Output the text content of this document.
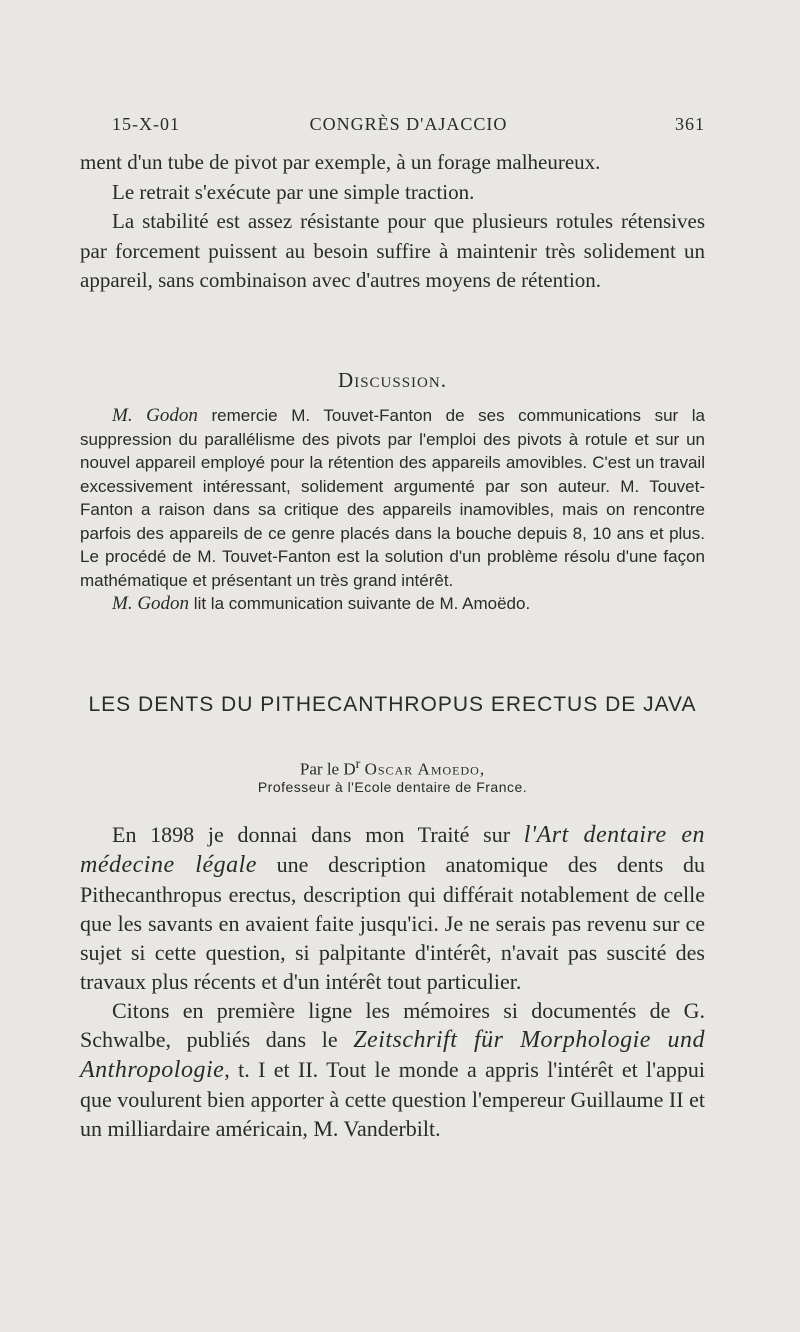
15-X-01	CONGRÈS D'AJACCIO	361

ment d'un tube de pivot par exemple, à un forage malheureux.

Le retrait s'exécute par une simple traction.

La stabilité est assez résistante pour que plusieurs rotules rétensives par forcement puissent au besoin suffire à maintenir très solidement un appareil, sans combinaison avec d'autres moyens de rétention.

Discussion.

M. Godon remercie M. Touvet-Fanton de ses communications sur la suppression du parallélisme des pivots par l'emploi des pivots à rotule et sur un nouvel appareil employé pour la rétention des appareils amovibles. C'est un travail excessivement intéressant, solidement argumenté par son auteur. M. Touvet-Fanton a raison dans sa critique des appareils inamovibles, mais on rencontre parfois des appareils de ce genre placés dans la bouche depuis 8, 10 ans et plus. Le procédé de M. Touvet-Fanton est la solution d'un problème résolu d'une façon mathématique et présentant un très grand intérêt.

M. Godon lit la communication suivante de M. Amoëdo.

LES DENTS DU PITHECANTHROPUS ERECTUS DE JAVA
Par le $D^r$ Oscar Amoedo,
Professeur à l'Ecole dentaire de France.

En 1898 je donnai dans mon Traité sur l'Art dentaire en médecine légale une description anatomique des dents du Pithecanthropus erectus, description qui différait notablement de celle que les savants en avaient faite jusqu'ici. Je ne serais pas revenu sur ce sujet si cette question, si palpitante d'intérêt, n'avait pas suscité des travaux plus récents et d'un intérêt tout particulier.

Citons en première ligne les mémoires si documentés de G. Schwalbe, publiés dans le Zeitschrift für Morphologie und Anthropologie, t. I et II. Tout le monde a appris l'intérêt et l'appui que voulurent bien apporter à cette question l'empereur Guillaume II et un milliardaire américain, M. Vanderbilt.
